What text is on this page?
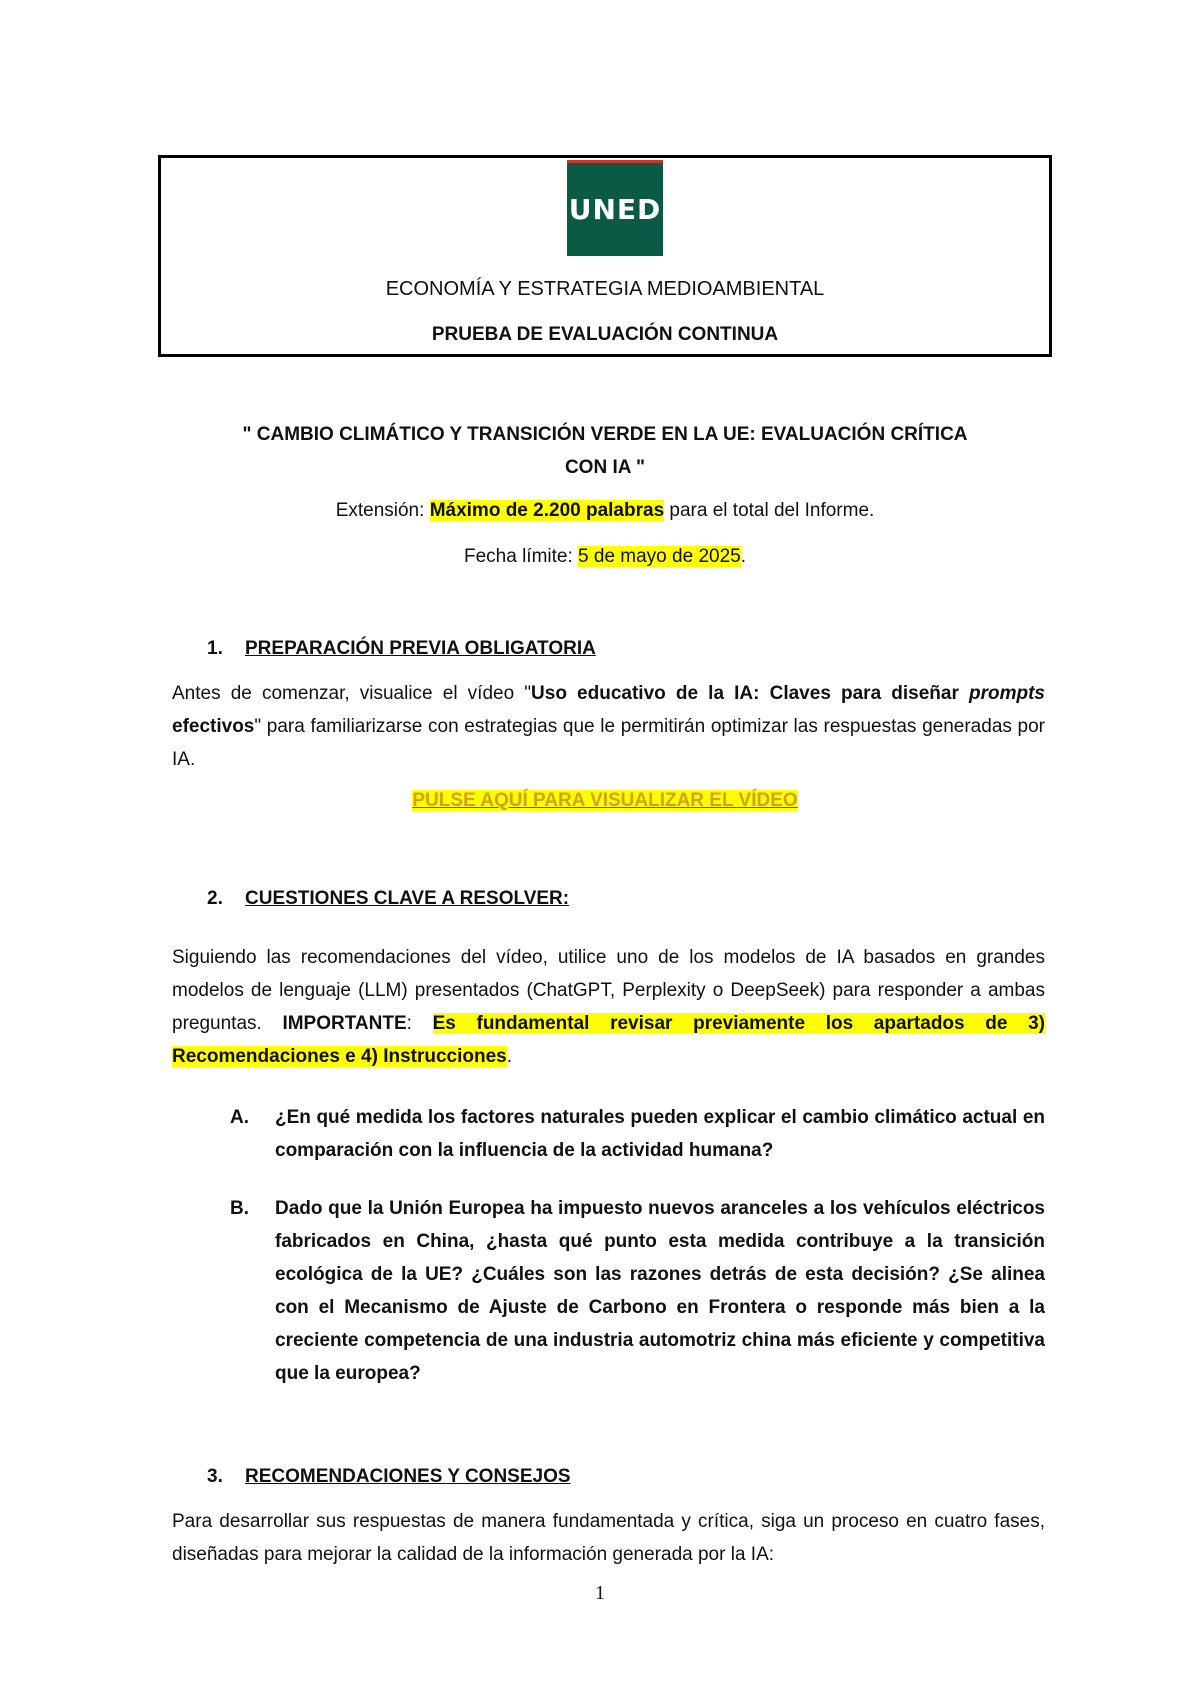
UNED
ECONOMÍA Y ESTRATEGIA MEDIOAMBIENTAL
PRUEBA DE EVALUACIÓN CONTINUA
" CAMBIO CLIMÁTICO Y TRANSICIÓN VERDE EN LA UE: EVALUACIÓN CRÍTICA
CON IA "
Extensión: Máximo de 2.200 palabras para el total del Informe.
Fecha límite: 5 de mayo de 2025.
1. PREPARACIÓN PREVIA OBLIGATORIA

Antes de comenzar, visualice el vídeo "Uso educativo de la IA: Claves para diseñar prompts efectivos" para familiarizarse con estrategias que le permitirán optimizar las respuestas generadas por IA.

PULSE AQUÍ PARA VISUALIZAR EL VÍDEO
2. CUESTIONES CLAVE A RESOLVER:

Siguiendo las recomendaciones del vídeo, utilice uno de los modelos de IA basados en grandes modelos de lenguaje (LLM) presentados (ChatGPT, Perplexity o DeepSeek) para responder a ambas preguntas. IMPORTANTE: Es fundamental revisar previamente los apartados de 3) Recomendaciones e 4) Instrucciones.

A. ¿En qué medida los factores naturales pueden explicar el cambio climático actual en comparación con la influencia de la actividad humana?
B. Dado que la Unión Europea ha impuesto nuevos aranceles a los vehículos eléctricos fabricados en China, ¿hasta qué punto esta medida contribuye a la transición ecológica de la UE? ¿Cuáles son las razones detrás de esta decisión? ¿Se alinea con el Mecanismo de Ajuste de Carbono en Frontera o responde más bien a la creciente competencia de una industria automotriz china más eficiente y competitiva que la europea?
3. RECOMENDACIONES Y CONSEJOS

Para desarrollar sus respuestas de manera fundamentada y crítica, siga un proceso en cuatro fases, diseñadas para mejorar la calidad de la información generada por la IA:

1
